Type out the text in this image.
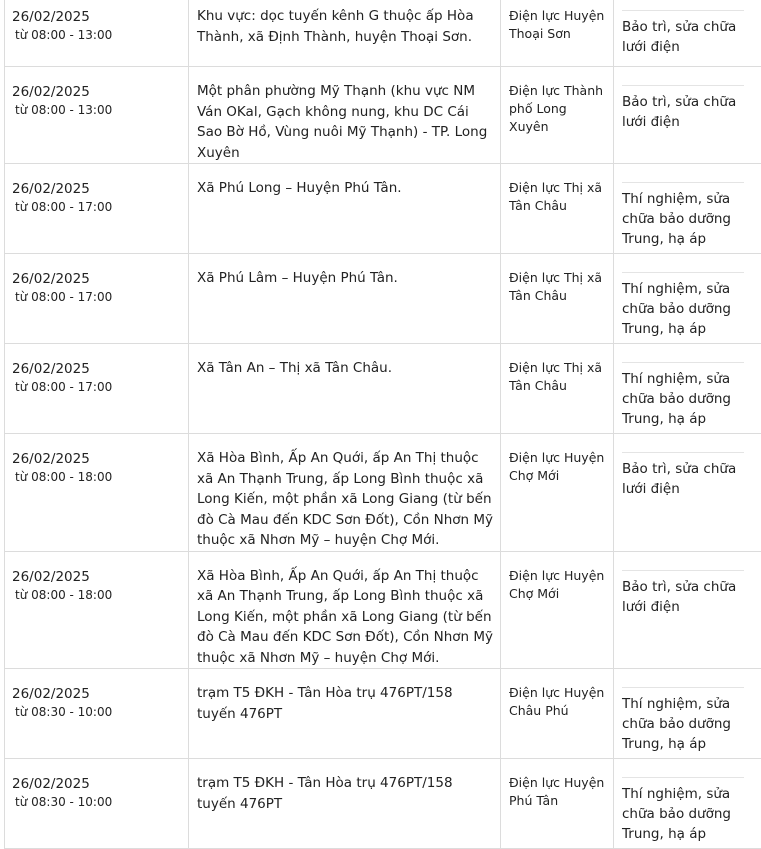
26/02/2025
từ 08:00 - 13:00	Khu vực: dọc tuyến kênh G thuộc ấp Hòa Thành, xã Định Thành, huyện Thoại Sơn.	Điện lực Huyện Thoại Sơn	Bảo trì, sửa chữa lưới điện

26/02/2025
từ 08:00 - 13:00	Một phân phường Mỹ Thạnh (khu vực NM Ván OKal, Gạch không nung, khu DC Cái Sao Bờ Hồ, Vùng nuôi Mỹ Thạnh) - TP. Long Xuyên	Điện lực Thành phố Long Xuyên	Bảo trì, sửa chữa lưới điện

26/02/2025
từ 08:00 - 17:00	Xã Phú Long – Huyện Phú Tân.	Điện lực Thị xã Tân Châu	Thí nghiệm, sửa chữa bảo dưỡng Trung, hạ áp

26/02/2025
từ 08:00 - 17:00	Xã Phú Lâm – Huyện Phú Tân.	Điện lực Thị xã Tân Châu	Thí nghiệm, sửa chữa bảo dưỡng Trung, hạ áp

26/02/2025
từ 08:00 - 17:00	Xã Tân An – Thị xã Tân Châu.	Điện lực Thị xã Tân Châu	Thí nghiệm, sửa chữa bảo dưỡng Trung, hạ áp

26/02/2025
từ 08:00 - 18:00	Xã Hòa Bình, Ấp An Quới, ấp An Thị thuộc xã An Thạnh Trung, ấp Long Bình thuộc xã Long Kiến, một phần xã Long Giang (từ bến đò Cà Mau đến KDC Sơn Đốt), Cồn Nhơn Mỹ thuộc xã Nhơn Mỹ – huyện Chợ Mới.	Điện lực Huyện Chợ Mới	Bảo trì, sửa chữa lưới điện

26/02/2025
từ 08:00 - 18:00	Xã Hòa Bình, Ấp An Quới, ấp An Thị thuộc xã An Thạnh Trung, ấp Long Bình thuộc xã Long Kiến, một phần xã Long Giang (từ bến đò Cà Mau đến KDC Sơn Đốt), Cồn Nhơn Mỹ thuộc xã Nhơn Mỹ – huyện Chợ Mới.	Điện lực Huyện Chợ Mới	Bảo trì, sửa chữa lưới điện

26/02/2025
từ 08:30 - 10:00	trạm T5 ĐKH - Tân Hòa trụ 476PT/158 tuyến 476PT	Điện lực Huyện Châu Phú	Thí nghiệm, sửa chữa bảo dưỡng Trung, hạ áp

26/02/2025
từ 08:30 - 10:00	trạm T5 ĐKH - Tân Hòa trụ 476PT/158 tuyến 476PT	Điện lực Huyện Phú Tân	Thí nghiệm, sửa chữa bảo dưỡng Trung, hạ áp
